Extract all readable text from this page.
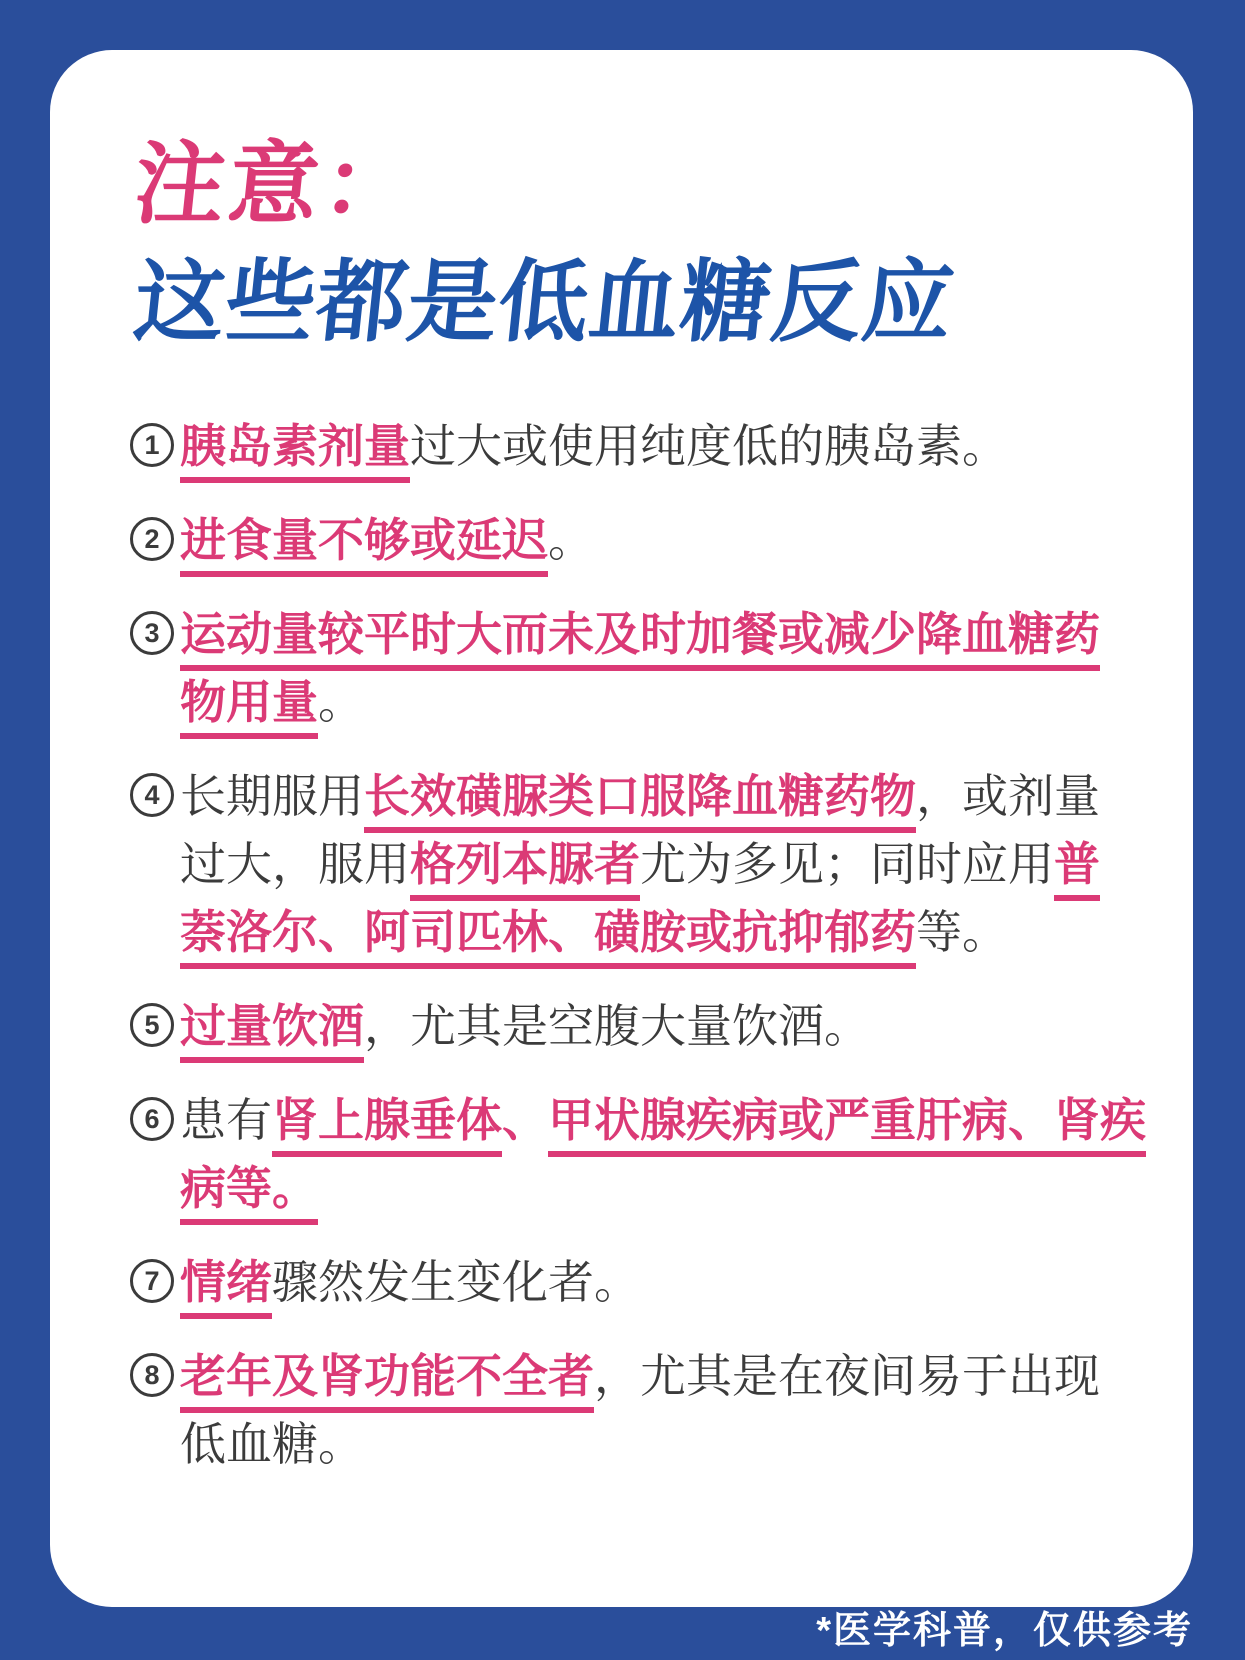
注意：
这些都是低血糖反应
1 胰岛素剂量过大或使用纯度低的胰岛素。
2 进食量不够或延迟。
3 运动量较平时大而未及时加餐或减少降血糖药
物用量。
4 长期服用长效磺脲类口服降血糖药物，或剂量
过大，服用格列本脲者尤为多见；同时应用普
萘洛尔、阿司匹林、磺胺或抗抑郁药等。
5 过量饮酒，尤其是空腹大量饮酒。
6 患有肾上腺垂体、甲状腺疾病或严重肝病、肾疾
病等。
7 情绪骤然发生变化者。
8 老年及肾功能不全者，尤其是在夜间易于出现
低血糖。
*医学科普，仅供参考
